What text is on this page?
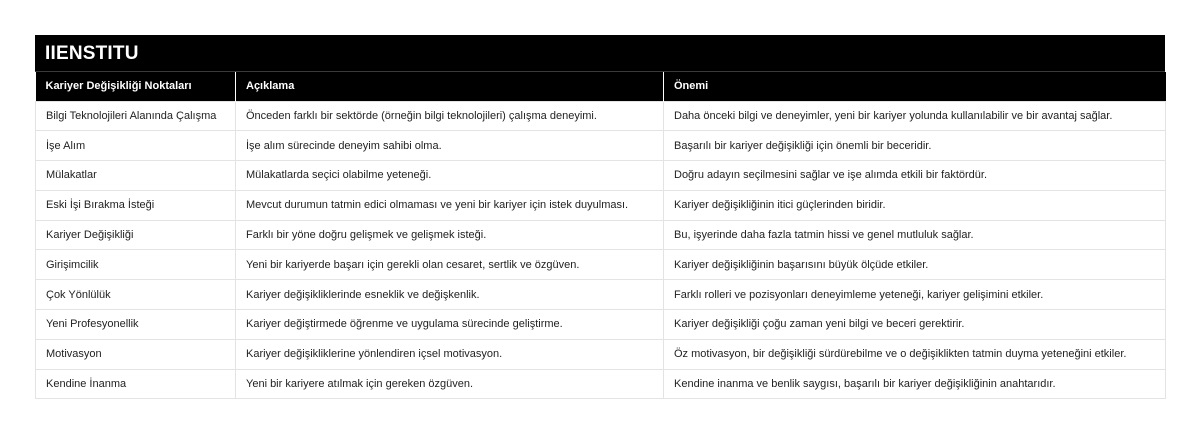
IIENSTITU
Kariyer Değişikliği Noktaları	Açıklama	Önemi
Bilgi Teknolojileri Alanında Çalışma	Önceden farklı bir sektörde (örneğin bilgi teknolojileri) çalışma deneyimi.	Daha önceki bilgi ve deneyimler, yeni bir kariyer yolunda kullanılabilir ve bir avantaj sağlar.
İşe Alım	İşe alım sürecinde deneyim sahibi olma.	Başarılı bir kariyer değişikliği için önemli bir beceridir.
Mülakatlar	Mülakatlarda seçici olabilme yeteneği.	Doğru adayın seçilmesini sağlar ve işe alımda etkili bir faktördür.
Eski İşi Bırakma İsteği	Mevcut durumun tatmin edici olmaması ve yeni bir kariyer için istek duyulması.	Kariyer değişikliğinin itici güçlerinden biridir.
Kariyer Değişikliği	Farklı bir yöne doğru gelişmek ve gelişmek isteği.	Bu, işyerinde daha fazla tatmin hissi ve genel mutluluk sağlar.
Girişimcilik	Yeni bir kariyerde başarı için gerekli olan cesaret, sertlik ve özgüven.	Kariyer değişikliğinin başarısını büyük ölçüde etkiler.
Çok Yönlülük	Kariyer değişikliklerinde esneklik ve değişkenlik.	Farklı rolleri ve pozisyonları deneyimleme yeteneği, kariyer gelişimini etkiler.
Yeni Profesyonellik	Kariyer değiştirmede öğrenme ve uygulama sürecinde geliştirme.	Kariyer değişikliği çoğu zaman yeni bilgi ve beceri gerektirir.
Motivasyon	Kariyer değişikliklerine yönlendiren içsel motivasyon.	Öz motivasyon, bir değişikliği sürdürebilme ve o değişiklikten tatmin duyma yeteneğini etkiler.
Kendine İnanma	Yeni bir kariyere atılmak için gereken özgüven.	Kendine inanma ve benlik saygısı, başarılı bir kariyer değişikliğinin anahtarıdır.
